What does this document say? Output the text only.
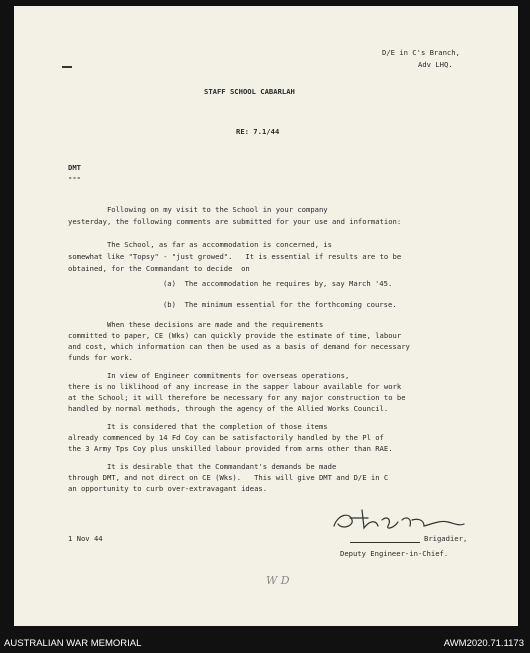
D/E in C's Branch,
Adv LHQ.
STAFF SCHOOL CABARLAH
RE: 7.1/44
DMT
---
Following on my visit to the School in your company
yesterday, the following comments are submitted for your use and information:
The School, as far as accommodation is concerned, is
somewhat like "Topsy" - "just growed".   It is essential if results are to be
obtained, for the Commandant to decide  on
(a)  The accommodation he requires by, say March '45.
(b)  The minimum essential for the forthcoming course.
When these decisions are made and the requirements
committed to paper, CE (Wks) can quickly provide the estimate of time, labour
and cost, which information can then be used as a basis of demand for necessary
funds for work.
In view of Engineer commitments for overseas operations,
there is no liklihood of any increase in the sapper labour available for work
at the School; it will therefore be necessary for any major construction to be
handled by normal methods, through the agency of the Allied Works Council.
It is considered that the completion of those items
already commenced by 14 Fd Coy can be satisfactorily handled by the Pl of
the 3 Army Tps Coy plus unskilled labour provided from arms other than RAE.
It is desirable that the Commandant's demands be made
through DMT, and not direct on CE (Wks).   This will give DMT and D/E in C
an opportunity to curb over-extravagant ideas.
1 Nov 44	Brigadier,
Deputy Engineer-in-Chief.
W D
AUSTRALIAN WAR MEMORIAL	AWM2020.71.1173
